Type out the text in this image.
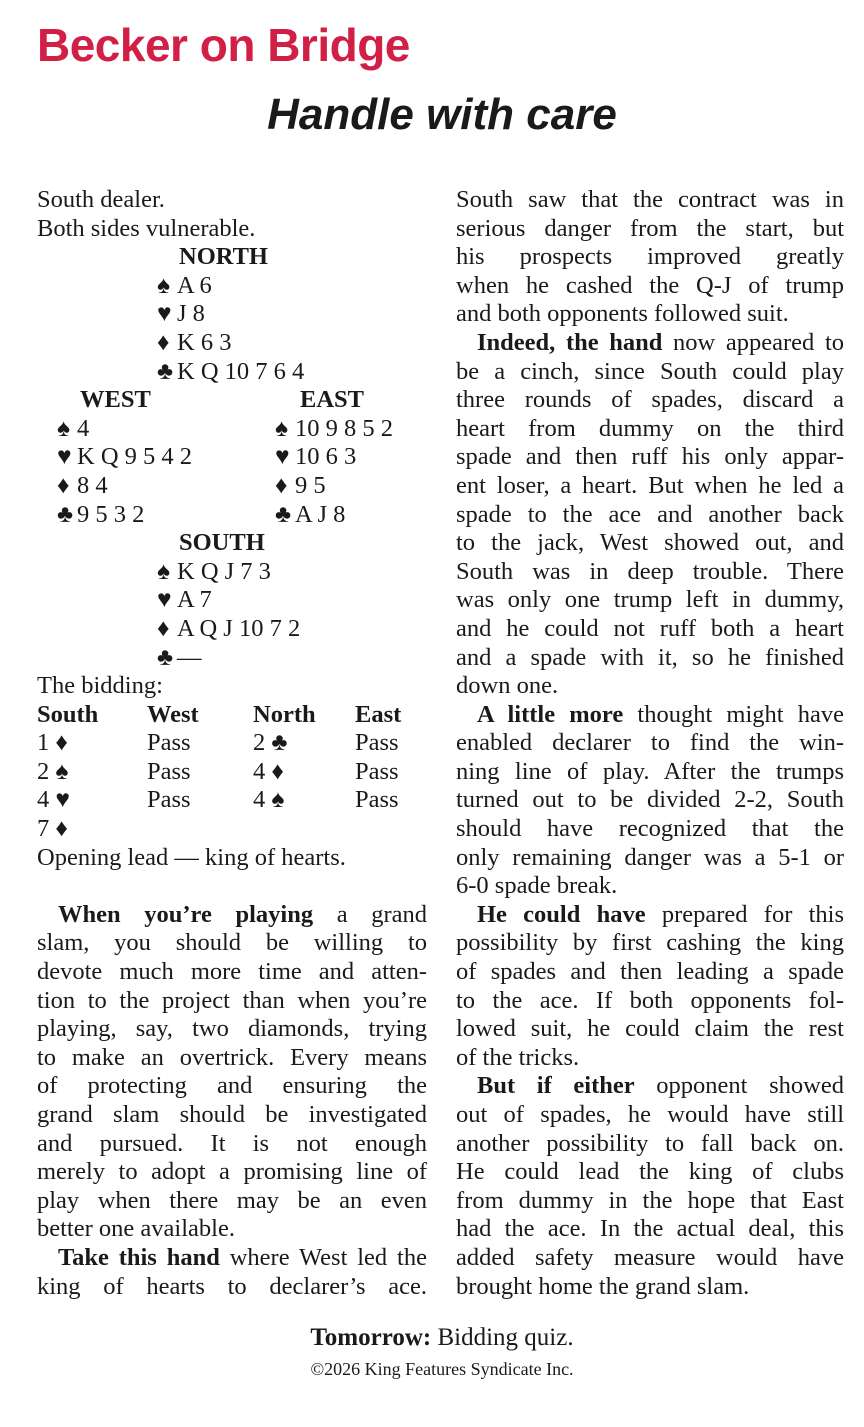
Becker on Bridge
Handle with care
South dealer.
Both sides vulnerable.
NORTH
♠ A 6
♥ J 8
♦ K 6 3
♣ K Q 10 7 6 4
WEST	EAST
♠ 4	♠ 10 9 8 5 2
♥ K Q 9 5 4 2	♥ 10 6 3
♦ 8 4	♦ 9 5
♣ 9 5 3 2	♣ A J 8
SOUTH
♠ K Q J 7 3
♥ A 7
♦ A Q J 10 7 2
♣ —
The bidding:
South West North East
1 ♦	Pass	2 ♣	Pass
2 ♠	Pass	4 ♦	Pass
4 ♥	Pass	4 ♠	Pass
7 ♦
Opening lead — king of hearts.
When you’re playing a grand
slam, you should be willing to
devote much more time and atten-
tion to the project than when you’re
playing, say, two diamonds, trying
to make an overtrick. Every means
of protecting and ensuring the
grand slam should be investigated
and pursued. It is not enough
merely to adopt a promising line of
play when there may be an even
better one available.
Take this hand where West led the
king of hearts to declarer’s ace.
South saw that the contract was in
serious danger from the start, but
his prospects improved greatly
when he cashed the Q-J of trump
and both opponents followed suit.
Indeed, the hand now appeared to
be a cinch, since South could play
three rounds of spades, discard a
heart from dummy on the third
spade and then ruff his only appar-
ent loser, a heart. But when he led a
spade to the ace and another back
to the jack, West showed out, and
South was in deep trouble. There
was only one trump left in dummy,
and he could not ruff both a heart
and a spade with it, so he finished
down one.
A little more thought might have
enabled declarer to find the win-
ning line of play. After the trumps
turned out to be divided 2-2, South
should have recognized that the
only remaining danger was a 5-1 or
6-0 spade break.
He could have prepared for this
possibility by first cashing the king
of spades and then leading a spade
to the ace. If both opponents fol-
lowed suit, he could claim the rest
of the tricks.
But if either opponent showed
out of spades, he would have still
another possibility to fall back on.
He could lead the king of clubs
from dummy in the hope that East
had the ace. In the actual deal, this
added safety measure would have
brought home the grand slam.
Tomorrow: Bidding quiz.
©2026 King Features Syndicate Inc.
